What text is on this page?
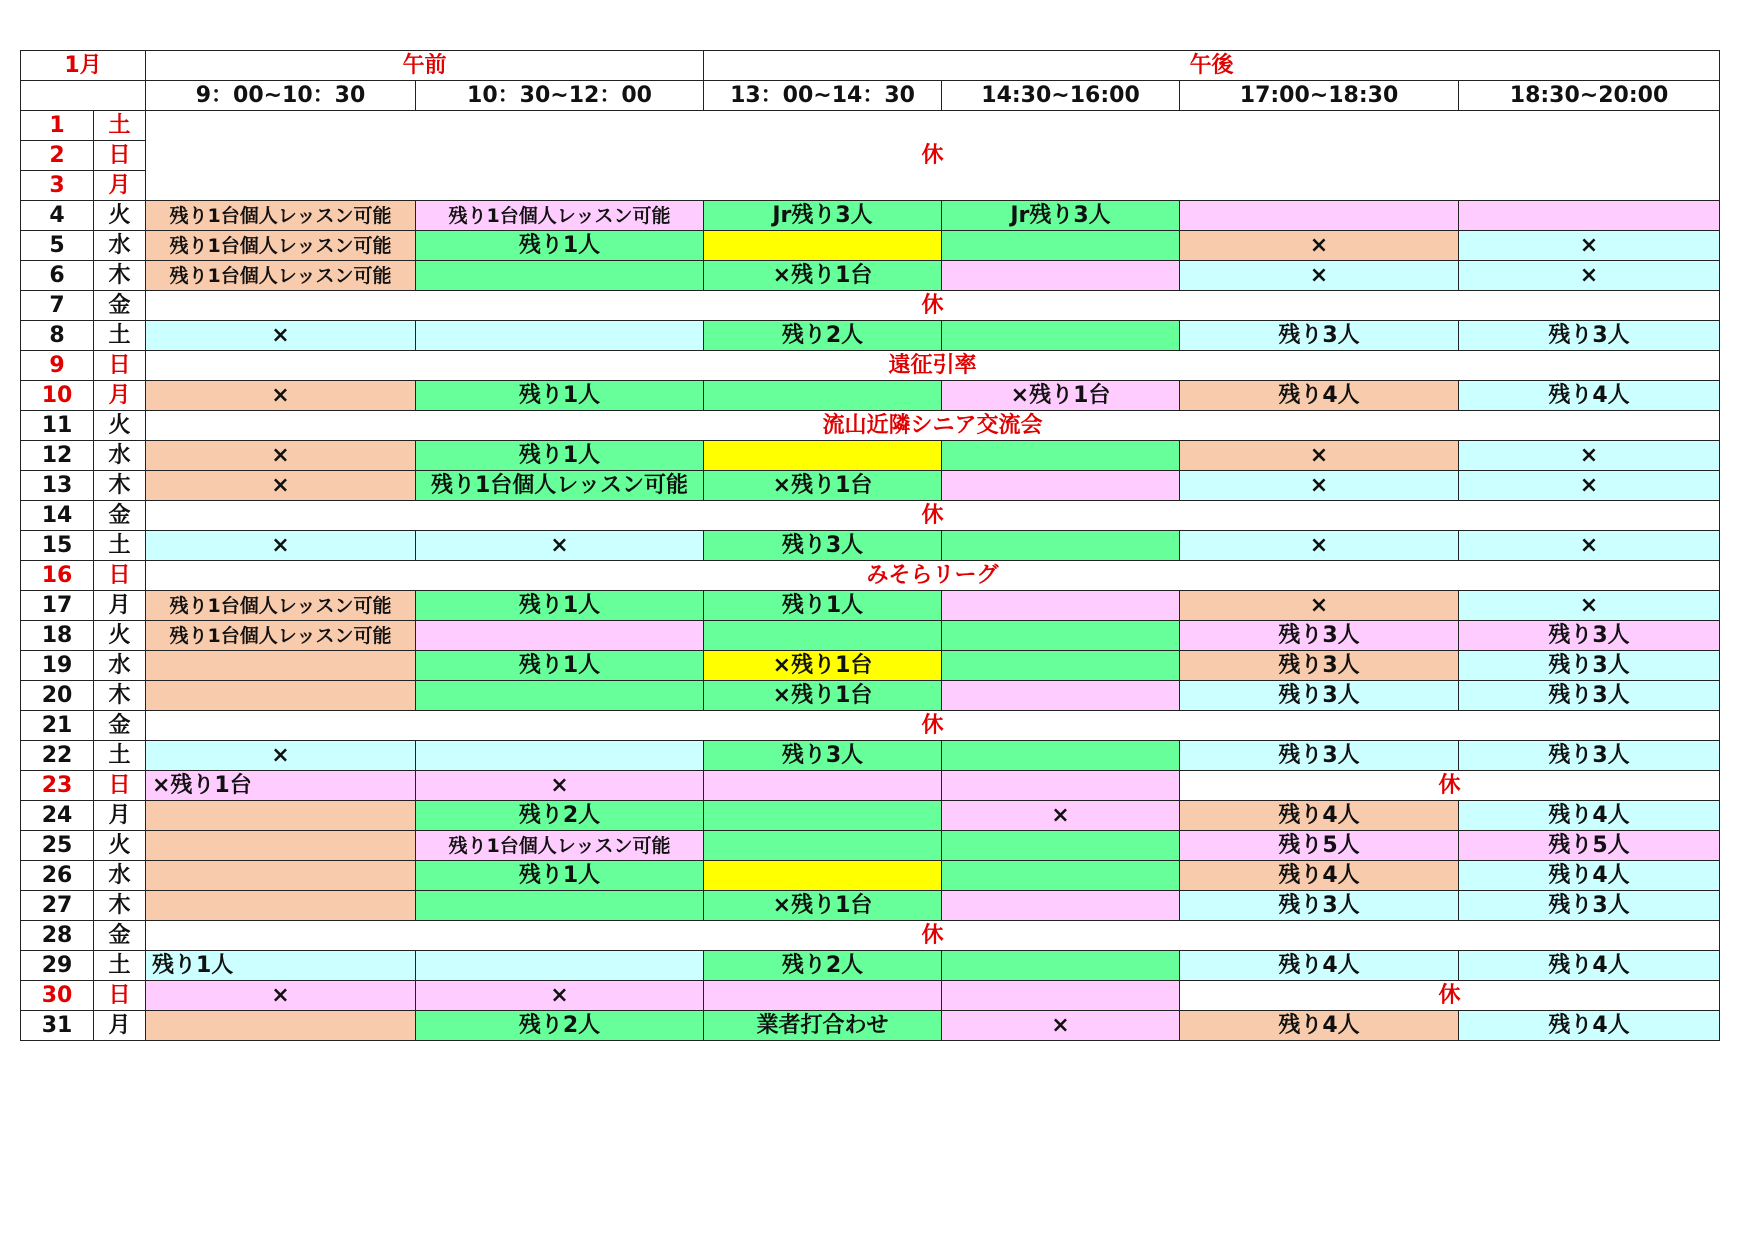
1月		午前		午後			
		9：00~10：30	10：30~12：00	13：00~14：30	14:30~16:00	17:00~18:30	18:30~20:00
1	土	休					
2	日						
3	月						
4	火	残り1台個人レッスン可能	残り1台個人レッスン可能	Jr残り3人	Jr残り3人		
5	水	残り1台個人レッスン可能	残り1人			×	×
6	木	残り1台個人レッスン可能		×残り1台		×	×
7	金	休					
8	土	×		残り2人		残り3人	残り3人
9	日	遠征引率					
10	月	×	残り1人		×残り1台	残り4人	残り4人
11	火	流山近隣シニア交流会					
12	水	×	残り1人			×	×
13	木	×	残り1台個人レッスン可能	×残り1台		×	×
14	金	休					
15	土	×	×	残り3人		×	×
16	日	みそらリーグ					
17	月	残り1台個人レッスン可能	残り1人	残り1人		×	×
18	火	残り1台個人レッスン可能				残り3人	残り3人
19	水		残り1人	×残り1台		残り3人	残り3人
20	木			×残り1台		残り3人	残り3人
21	金	休					
22	土	×		残り3人		残り3人	残り3人
23	日	×残り1台	×			休	
24	月		残り2人		×	残り4人	残り4人
25	火		残り1台個人レッスン可能			残り5人	残り5人
26	水		残り1人			残り4人	残り4人
27	木			×残り1台		残り3人	残り3人
28	金	休					
29	土	残り1人		残り2人		残り4人	残り4人
30	日	×	×			休	
31	月		残り2人	業者打合わせ	×	残り4人	残り4人
